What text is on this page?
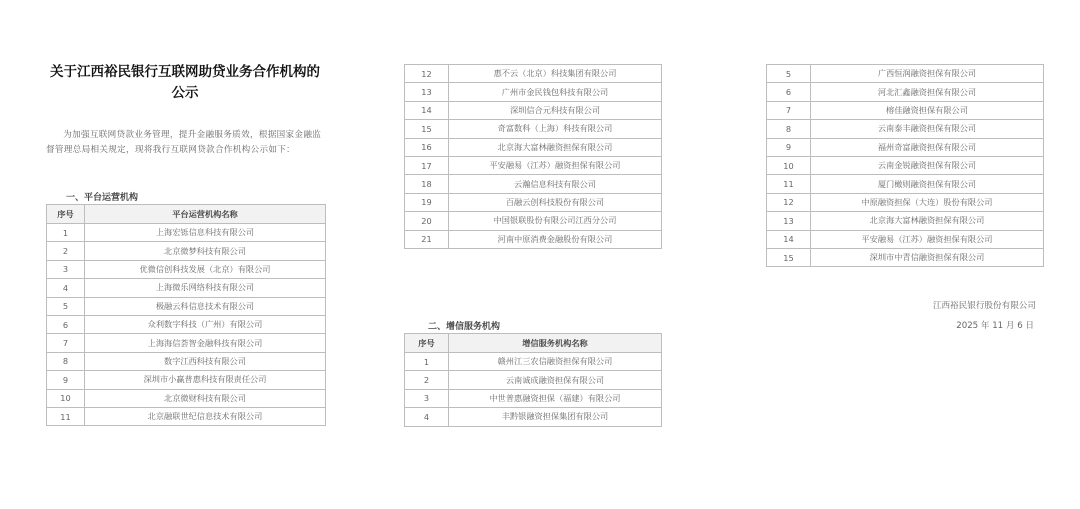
关于江西裕民银行互联网助贷业务合作机构的
公示
为加强互联网贷款业务管理，提升金融服务质效，根据国家金融监督管理总局相关规定，现将我行互联网贷款合作机构公示如下：
一、平台运营机构
序号	平台运营机构名称
1	上海宏铄信息科技有限公司
2	北京微梦科技有限公司
3	优微信创科技发展（北京）有限公司
4	上海微乐网络科技有限公司
5	极融云科信息技术有限公司
6	众利数字科技（广州）有限公司
7	上海海信荟智金融科技有限公司
8	数字江西科技有限公司
9	深圳市小赢普惠科技有限责任公司
10	北京微财科技有限公司
11	北京融联世纪信息技术有限公司
12	惠不云（北京）科技集团有限公司
13	广州市金民钱包科技有限公司
14	深圳信合元科技有限公司
15	奇富数科（上海）科技有限公司
16	北京海大富林融资担保有限公司
17	平安融易（江苏）融资担保有限公司
18	云瀚信息科技有限公司
19	百融云创科技股份有限公司
20	中国银联股份有限公司江西分公司
21	河南中原消费金融股份有限公司
二、增信服务机构
序号	增信服务机构名称
1	赣州江三农信融资担保有限公司
2	云南诚成融资担保有限公司
3	中世普惠融资担保（福建）有限公司
4	丰黔银融资担保集团有限公司
5	广西恒润融资担保有限公司
6	河北汇鑫融资担保有限公司
7	榕佳融资担保有限公司
8	云南泰丰融资担保有限公司
9	福州奇富融资担保有限公司
10	云南金锐融资担保有限公司
11	厦门橄则融资担保有限公司
12	中原融资担保（大连）股份有限公司
13	北京海大富林融资担保有限公司
14	平安融易（江苏）融资担保有限公司
15	深圳市中青信融资担保有限公司
江西裕民银行股份有限公司
2025 年 11 月 6 日
